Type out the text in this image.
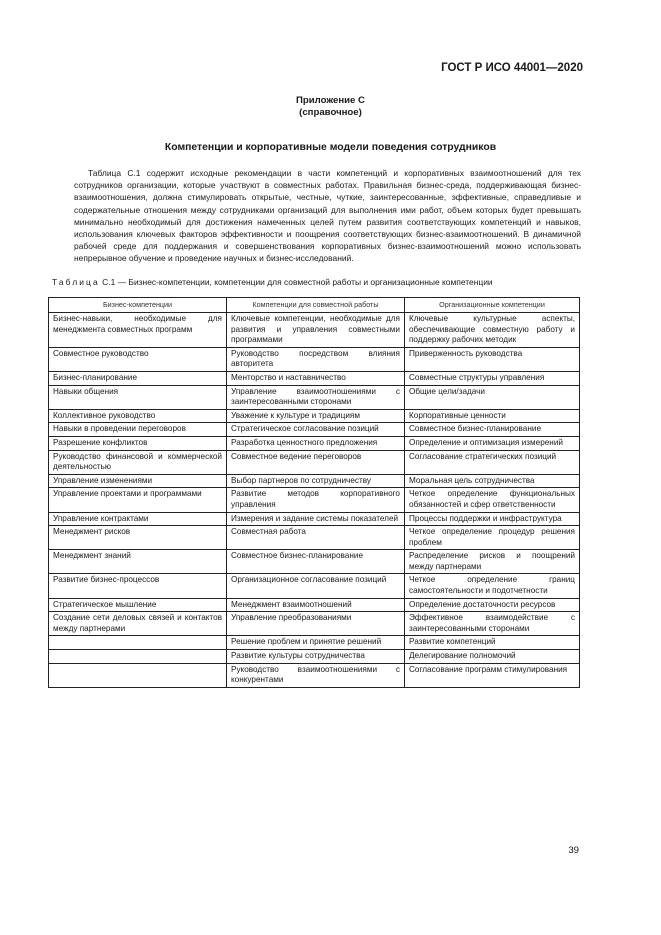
ГОСТ Р ИСО 44001—2020
Приложение С
(справочное)
Компетенции и корпоративные модели поведения сотрудников

Таблица С.1 содержит исходные рекомендации в части компетенций и корпоративных взаимоотношений для тех сотрудников организации, которые участвуют в совместных работах. Правильная бизнес-среда, поддерживающая бизнес-взаимоотношения, должна стимулировать открытые, честные, чуткие, заинтересованные, эффективные, справедливые и содержательные отношения между сотрудниками организаций для выполнения ими работ, объем которых будет превышать минимально необходимый для достижения намеченных целей путем развития соответствующих компетенций и навыков, использования ключевых факторов эффективности и поощрения соответствующих бизнес-взаимоотношений. В динамичной рабочей среде для поддержания и совершенствования корпоративных бизнес-взаимоотношений можно использовать непрерывное обучение и проведение научных и бизнес-исследований.

Таблица С.1 — Бизнес-компетенции, компетенции для совместной работы и организационные компетенции
Бизнес-компетенции	Компетенции для совместной работы	Организационные компетенции
Бизнес-навыки, необходимые для менеджмента совместных программ	Ключевые компетенции, необходимые для развития и управления совместными программами	Ключевые культурные аспекты, обеспечивающие совместную работу и поддержку рабочих методик
Совместное руководство	Руководство посредством влияния авторитета	Приверженность руководства
Бизнес-планирование	Менторство и наставничество	Совместные структуры управления
Навыки общения	Управление взаимоотношениями с заинтересованными сторонами	Общие цели/задачи
Коллективное руководство	Уважение к культуре и традициям	Корпоративные ценности
Навыки в проведении переговоров	Стратегическое согласование позиций	Совместное бизнес-планирование
Разрешение конфликтов	Разработка ценностного предложения	Определение и оптимизация измерений
Руководство финансовой и коммерческой деятельностью	Совместное ведение переговоров	Согласование стратегических позиций
Управление изменениями	Выбор партнеров по сотрудничеству	Моральная цель сотрудничества
Управление проектами и программами	Развитие методов корпоративного управления	Четкое определение функциональных обязанностей и сфер ответственности
Управление контрактами	Измерения и задание системы показателей	Процессы поддержки и инфраструктура
Менеджмент рисков	Совместная работа	Четкое определение процедур решения проблем
Менеджмент знаний	Совместное бизнес-планирование	Распределение рисков и поощрений между партнерами
Развитие бизнес-процессов	Организационное согласование позиций	Четкое определение границ самостоятельности и подотчетности
Стратегическое мышление	Менеджмент взаимоотношений	Определение достаточности ресурсов
Создание сети деловых связей и контактов между партнерами	Управление преобразованиями	Эффективное взаимодействие с заинтересованными сторонами
	Решение проблем и принятие решений	Развитие компетенций
	Развитие культуры сотрудничества	Делегирование полномочий
	Руководство взаимоотношениями с конкурентами	Согласование программ стимулирования
39
